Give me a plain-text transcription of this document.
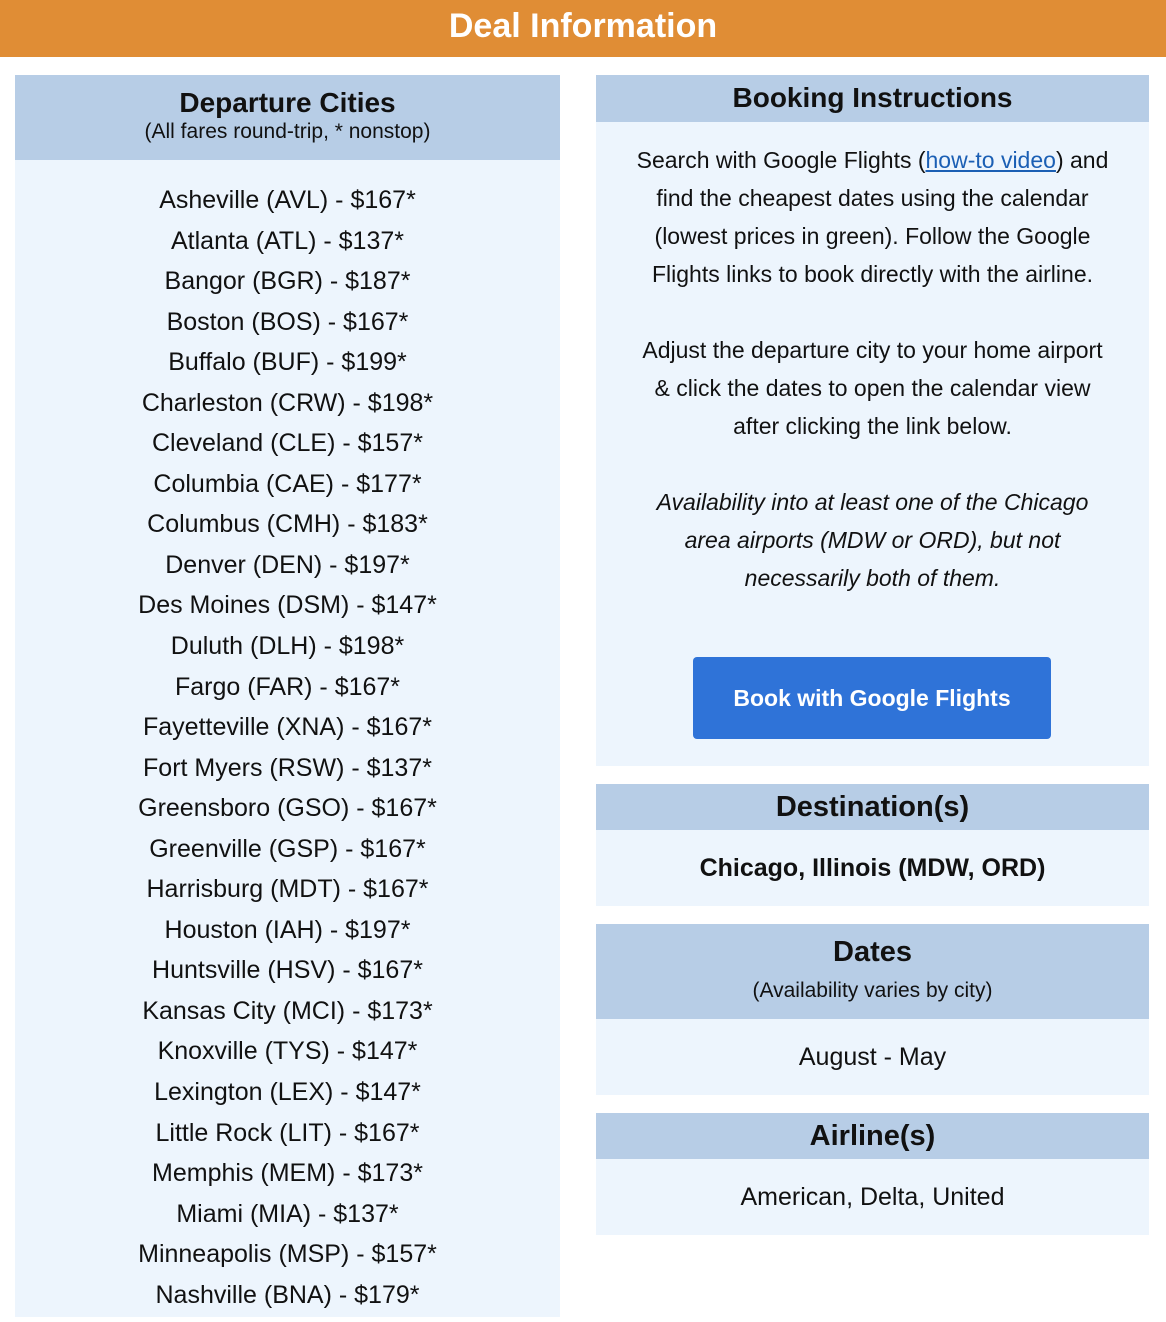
Deal Information
Departure Cities
(All fares round-trip, * nonstop)
Asheville (AVL) - $167*
Atlanta (ATL) - $137*
Bangor (BGR) - $187*
Boston (BOS) - $167*
Buffalo (BUF) - $199*
Charleston (CRW) - $198*
Cleveland (CLE) - $157*
Columbia (CAE) - $177*
Columbus (CMH) - $183*
Denver (DEN) - $197*
Des Moines (DSM) - $147*
Duluth (DLH) - $198*
Fargo (FAR) - $167*
Fayetteville (XNA) - $167*
Fort Myers (RSW) - $137*
Greensboro (GSO) - $167*
Greenville (GSP) - $167*
Harrisburg (MDT) - $167*
Houston (IAH) - $197*
Huntsville (HSV) - $167*
Kansas City (MCI) - $173*
Knoxville (TYS) - $147*
Lexington (LEX) - $147*
Little Rock (LIT) - $167*
Memphis (MEM) - $173*
Miami (MIA) - $137*
Minneapolis (MSP) - $157*
Nashville (BNA) - $179*
Booking Instructions
Search with Google Flights (how-to video) and find the cheapest dates using the calendar (lowest prices in green). Follow the Google Flights links to book directly with the airline.
Adjust the departure city to your home airport & click the dates to open the calendar view after clicking the link below.
Availability into at least one of the Chicago area airports (MDW or ORD), but not necessarily both of them.
Book with Google Flights
Destination(s)
Chicago, Illinois (MDW, ORD)
Dates
(Availability varies by city)
August - May
Airline(s)
American, Delta, United
